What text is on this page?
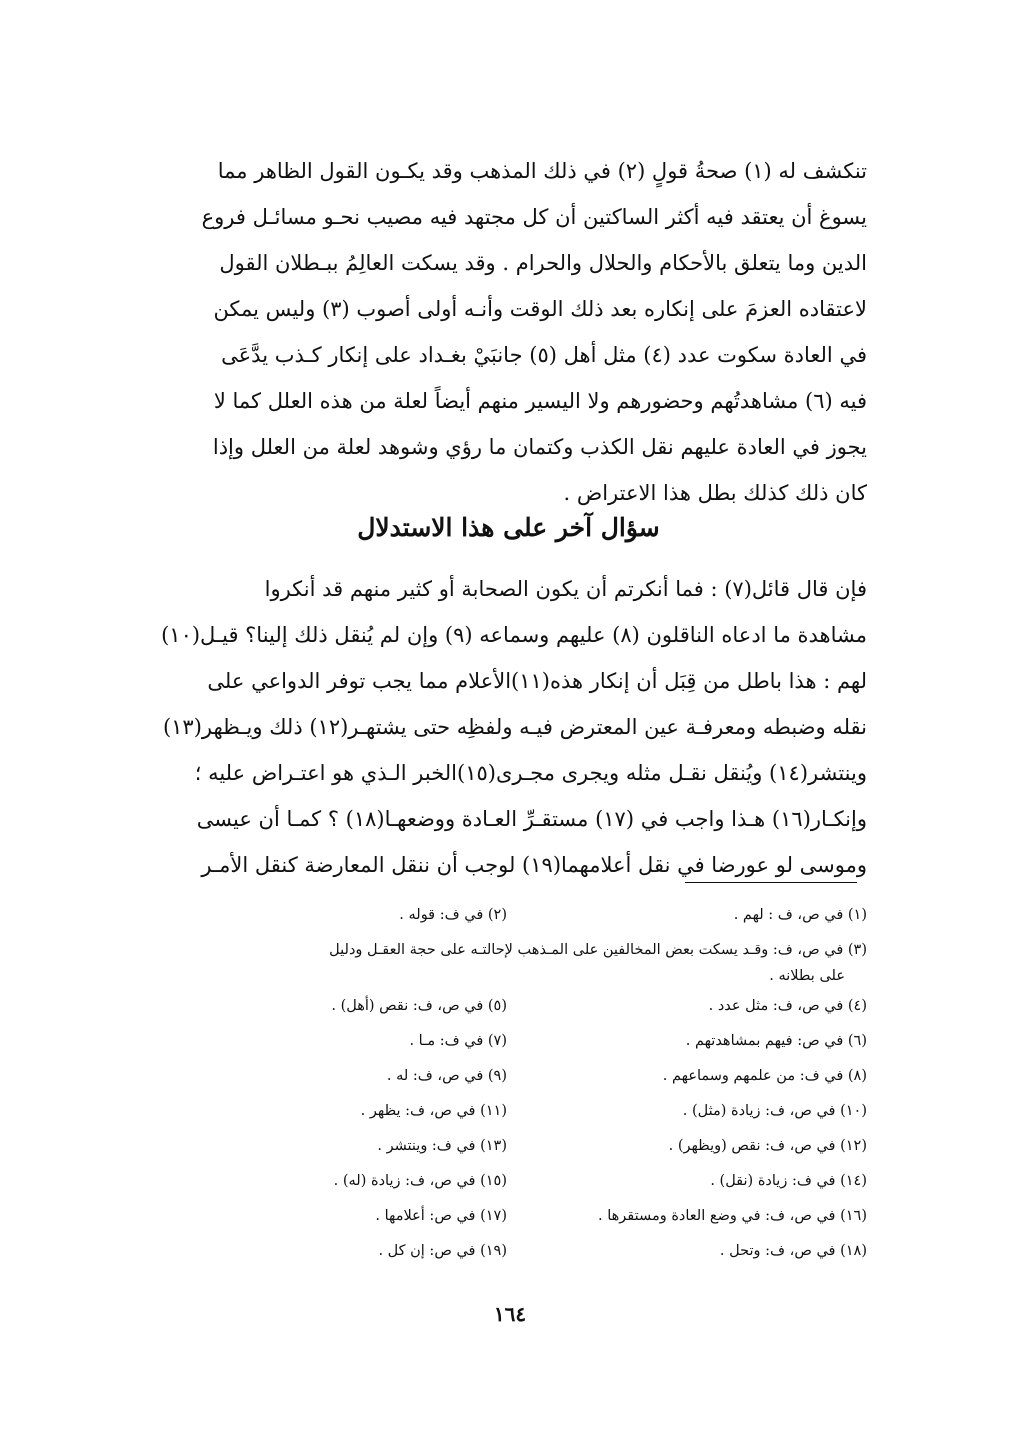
تنكشف له (١) صحةُ قولٍ (٢) في ذلك المذهب وقد يكـون القول الظاهر مما
يسوغ أن يعتقد فيه أكثر الساكتين أن كل مجتهد فيه مصيب نحـو مسائـل فروع
الدين وما يتعلق بالأحكام والحلال والحرام . وقد يسكت العالِمُ ببـطلان القول
لاعتقاده العزمَ على إنكاره بعد ذلك الوقت وأنـه أولى أصوب (٣) وليس يمكن
في العادة سكوت عدد (٤) مثل أهل (٥) جانبَيْ بغـداد على إنكار كـذب يدَّعَى
فيه (٦) مشاهدتُهم وحضورهم ولا اليسير منهم أيضاً لعلة من هذه العلل كما لا
يجوز في العادة عليهم نقل الكذب وكتمان ما رؤي وشوهد لعلة من العلل وإذا
كان ذلك كذلك بطل هذا الاعتراض .
سؤال آخر على هذا الاستدلال
فإن قال قائل(٧) : فما أنكرتم أن يكون الصحابة أو كثير منهم قد أنكروا
مشاهدة ما ادعاه الناقلون (٨) عليهم وسماعه (٩) وإن لم يُنقل ذلك إلينا؟ قيـل(١٠)
لهم : هذا باطل من قِبَل أن إنكار هذه(١١)الأعلام مما يجب توفر الدواعي على
نقله وضبطه ومعرفـة عين المعترض فيـه ولفظِه حتى يشتهـر(١٢) ذلك ويـظهر(١٣)
وينتشر(١٤) ويُنقل نقـل مثله ويجرى مجـرى(١٥)الخبر الـذي هو اعتـراض عليه ؛
وإنكـار(١٦) هـذا واجب في (١٧) مستقـرِّ العـادة ووضعهـا(١٨) ؟ كمـا أن عيسى
وموسى لو عورضا في نقل أعلامهما(١٩) لوجب أن ننقل المعارضة كنقل الأمـر
(١) في ص، ف : لهم .
(٢) في ف: قوله .
(٣) في ص، ف: وقـد يسكت بعض المخالفين على المـذهب لإحالتـه على حجة العقـل ودليل
على بطلانه .
(٤) في ص، ف: مثل عدد .
(٥) في ص، ف: نقص (أهل) .
(٦) في ص: فيهم بمشاهدتهم .
(٧) في ف: مـا .
(٨) في ف: من علمهم وسماعهم .
(٩) في ص، ف: له .
(١٠) في ص، ف: زيادة (مثل) .
(١١) في ص، ف: يظهر .
(١٢) في ص، ف: نقص (ويظهر) .
(١٣) في ف: وينتشر .
(١٤) في ف: زيادة (نقل) .
(١٥) في ص، ف: زيادة (له) .
(١٦) في ص، ف: في وضع العادة ومستقرها .
(١٧) في ص: أعلامها .
(١٨) في ص، ف: وتحل .
(١٩) في ص: إن كل .
١٦٤
